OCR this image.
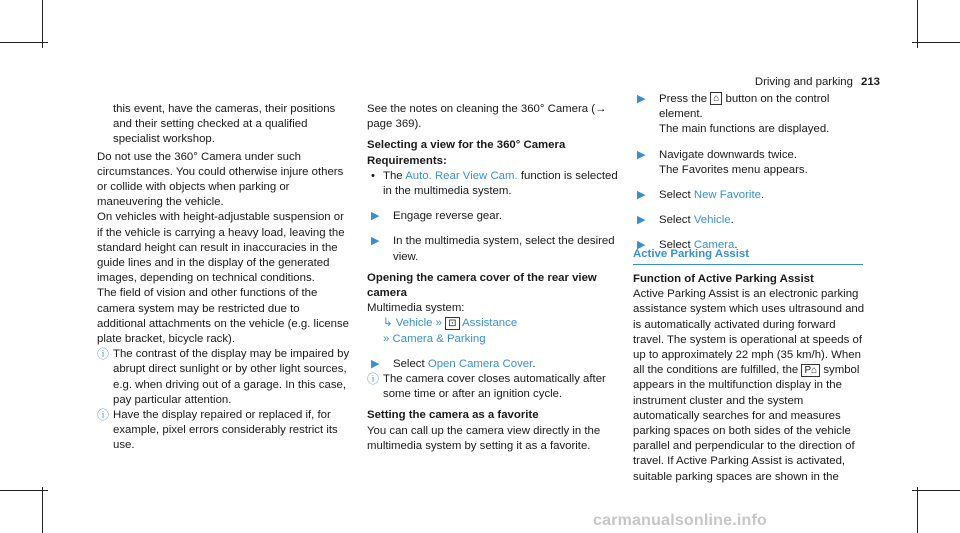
Driving and parking 213

this event, have the cameras, their positions and their setting checked at a qualified specialist workshop.

Do not use the 360° Camera under such circumstances. You could otherwise injure others or collide with objects when parking or maneuvering the vehicle.

On vehicles with height-adjustable suspension or if the vehicle is carrying a heavy load, leaving the standard height can result in inaccuracies in the guide lines and in the display of the generated images, depending on technical conditions.

The field of vision and other functions of the camera system may be restricted due to additional attachments on the vehicle (e.g. license plate bracket, bicycle rack).

ⓘ The contrast of the display may be impaired by abrupt direct sunlight or by other light sources, e.g. when driving out of a garage. In this case, pay particular attention.

ⓘ Have the display repaired or replaced if, for example, pixel errors considerably restrict its use.

See the notes on cleaning the 360° Camera (→ page 369).

Selecting a view for the 360° Camera

Requirements:

• The Auto. Rear View Cam. function is selected in the multimedia system.

▶ Engage reverse gear.

▶ In the multimedia system, select the desired view.

Opening the camera cover of the rear view camera

Multimedia system:

↳ Vehicle » ⊡ Assistance

» Camera & Parking

▶ Select Open Camera Cover.

ⓘ The camera cover closes automatically after some time or after an ignition cycle.

Setting the camera as a favorite

You can call up the camera view directly in the multimedia system by setting it as a favorite.

▶ Press the ⌂ button on the control element.
The main functions are displayed.

▶ Navigate downwards twice.
The Favorites menu appears.

▶ Select New Favorite.

▶ Select Vehicle.

▶ Select Camera.

Active Parking Assist

Function of Active Parking Assist

Active Parking Assist is an electronic parking assistance system which uses ultrasound and is automatically activated during forward travel. The system is operational at speeds of up to approximately 22 mph (35 km/h). When all the conditions are fulfilled, the P⌂ symbol appears in the multifunction display in the instrument cluster and the system automatically searches for and measures parking spaces on both sides of the vehicle parallel and perpendicular to the direction of travel. If Active Parking Assist is activated, suitable parking spaces are shown in the

carmanualsonline.info
